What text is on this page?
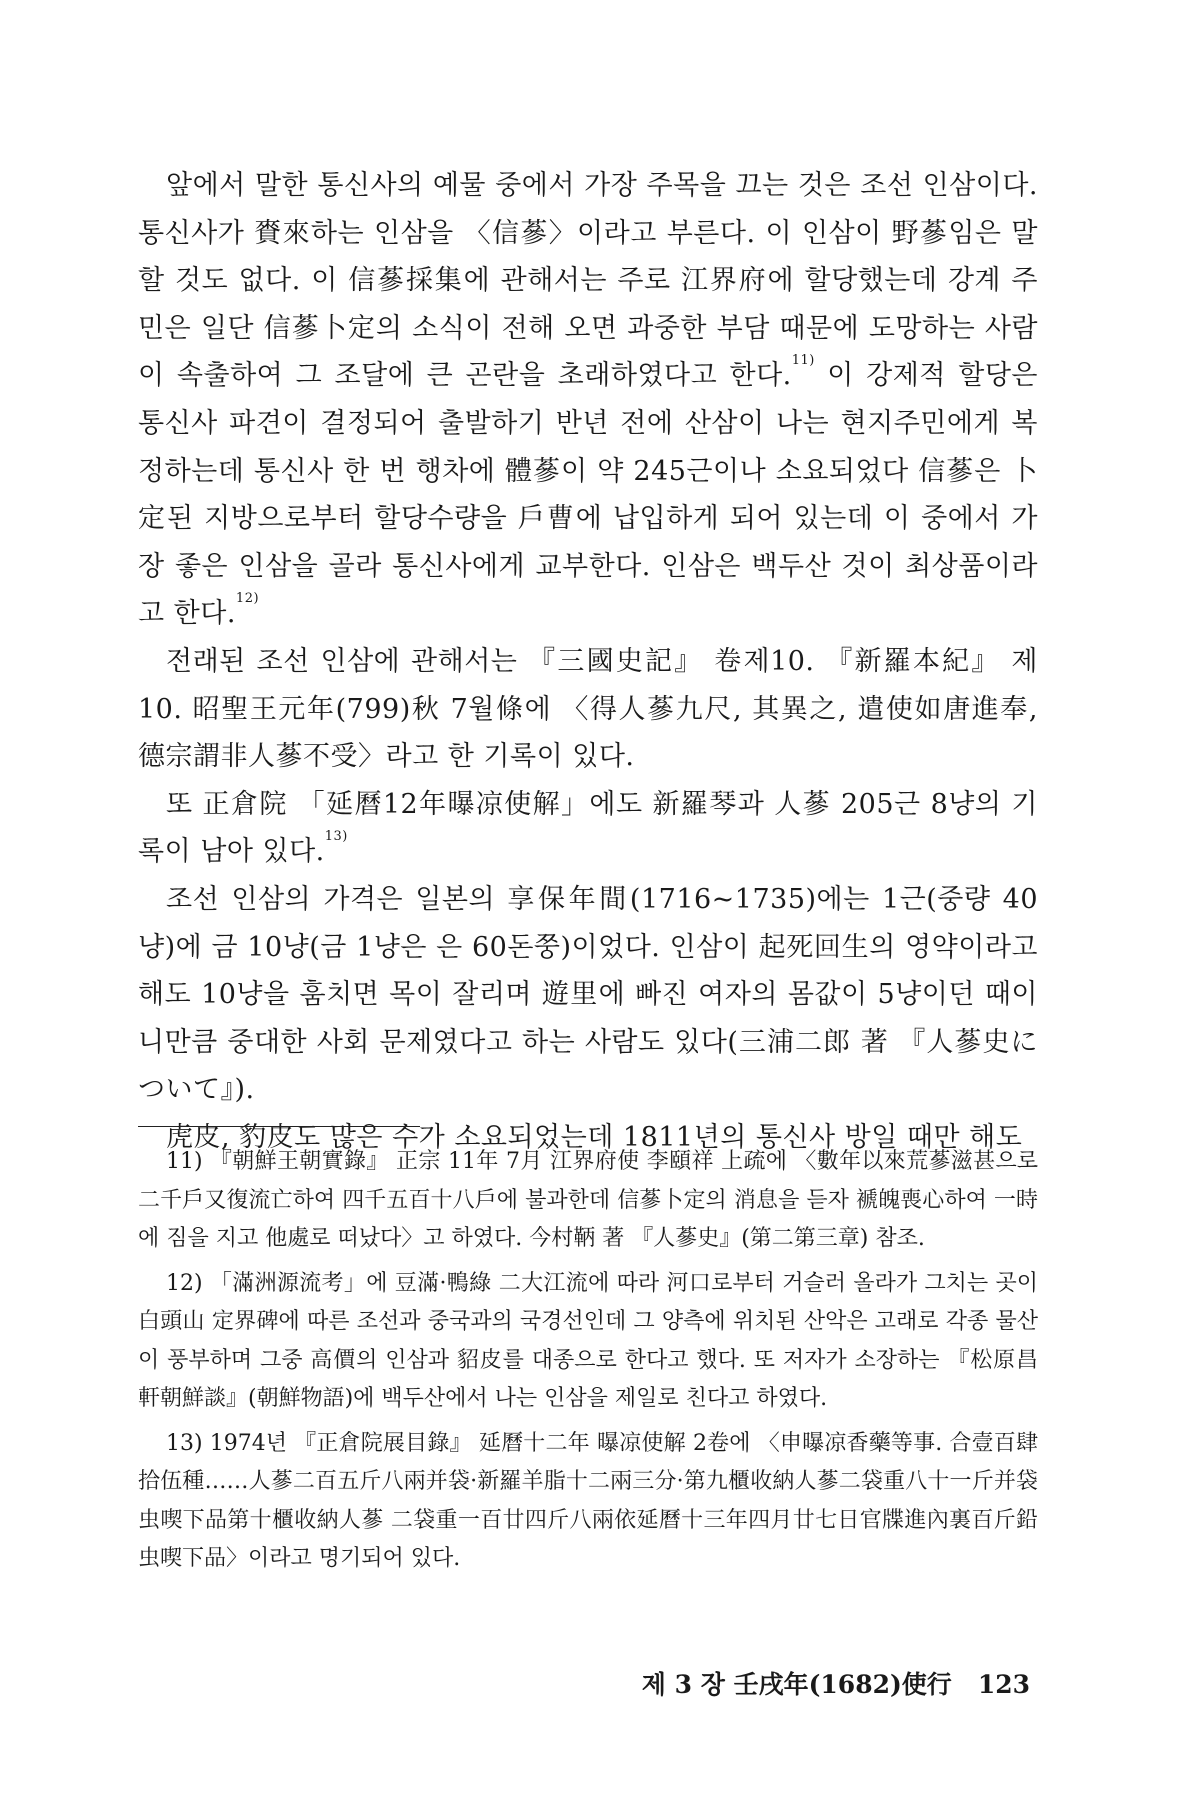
앞에서 말한 통신사의 예물 중에서 가장 주목을 끄는 것은 조선 인삼이다. 통신사가 賚來하는 인삼을 〈信蔘〉이라고 부른다. 이 인삼이 野蔘임은 말할 것도 없다. 이 信蔘採集에 관해서는 주로 江界府에 할당했는데 강계 주민은 일단 信蔘卜定의 소식이 전해 오면 과중한 부담 때문에 도망하는 사람이 속출하여 그 조달에 큰 곤란을 초래하였다고 한다.$^{11)}$ 이 강제적 할당은 통신사 파견이 결정되어 출발하기 반년 전에 산삼이 나는 현지주민에게 복정하는데 통신사 한 번 행차에 體蔘이 약 245근이나 소요되었다 信蔘은 卜定된 지방으로부터 할당수량을 戶曹에 납입하게 되어 있는데 이 중에서 가장 좋은 인삼을 골라 통신사에게 교부한다. 인삼은 백두산 것이 최상품이라고 한다.$^{12)}$

전래된 조선 인삼에 관해서는 『三國史記』 卷제10. 『新羅本紀』 제10. 昭聖王元年(799)秋 7월條에 〈得人蔘九尺, 其異之, 遣使如唐進奉, 德宗謂非人蔘不受〉라고 한 기록이 있다.

또 正倉院 「延曆12年曝凉使解」에도 新羅琴과 人蔘 205근 8냥의 기록이 남아 있다.$^{13)}$

조선 인삼의 가격은 일본의 享保年間(1716~1735)에는 1근(중량 40냥)에 금 10냥(금 1냥은 은 60돈쭝)이었다. 인삼이 起死回生의 영약이라고 해도 10냥을 훔치면 목이 잘리며 遊里에 빠진 여자의 몸값이 5냥이던 때이니만큼 중대한 사회 문제였다고 하는 사람도 있다(三浦二郎 著 『人蔘史について』).

虎皮, 豹皮도 많은 수가 소요되었는데 1811년의 통신사 방일 때만 해도

11) 『朝鮮王朝實錄』 正宗 11年 7月 江界府使 李頤祥 上疏에 〈數年以來荒蔘滋甚으로 二千戶又復流亡하여 四千五百十八戶에 불과한데 信蔘卜定의 消息을 듣자 褫魄喪心하여 一時에 짐을 지고 他處로 떠났다〉고 하였다. 今村鞆 著 『人蔘史』(第二第三章) 참조.

12) 「滿洲源流考」에 豆滿·鴨綠 二大江流에 따라 河口로부터 거슬러 올라가 그치는 곳이 白頭山 定界碑에 따른 조선과 중국과의 국경선인데 그 양측에 위치된 산악은 고래로 각종 물산이 풍부하며 그중 高價의 인삼과 貂皮를 대종으로 한다고 했다. 또 저자가 소장하는 『松原昌軒朝鮮談』(朝鮮物語)에 백두산에서 나는 인삼을 제일로 친다고 하였다.

13) 1974년 『正倉院展目錄』 延曆十二年 曝凉使解 2卷에 〈申曝凉香藥等事. 合壹百肆拾伍種……人蔘二百五斤八兩并袋·新羅羊脂十二兩三分·第九櫃收納人蔘二袋重八十一斤并袋虫喫下品第十櫃收納人蔘 二袋重一百廿四斤八兩依延曆十三年四月廿七日官牒進內裏百斤鉛虫喫下品〉이라고 명기되어 있다.

제 3 장 壬戌年(1682)使行 123
